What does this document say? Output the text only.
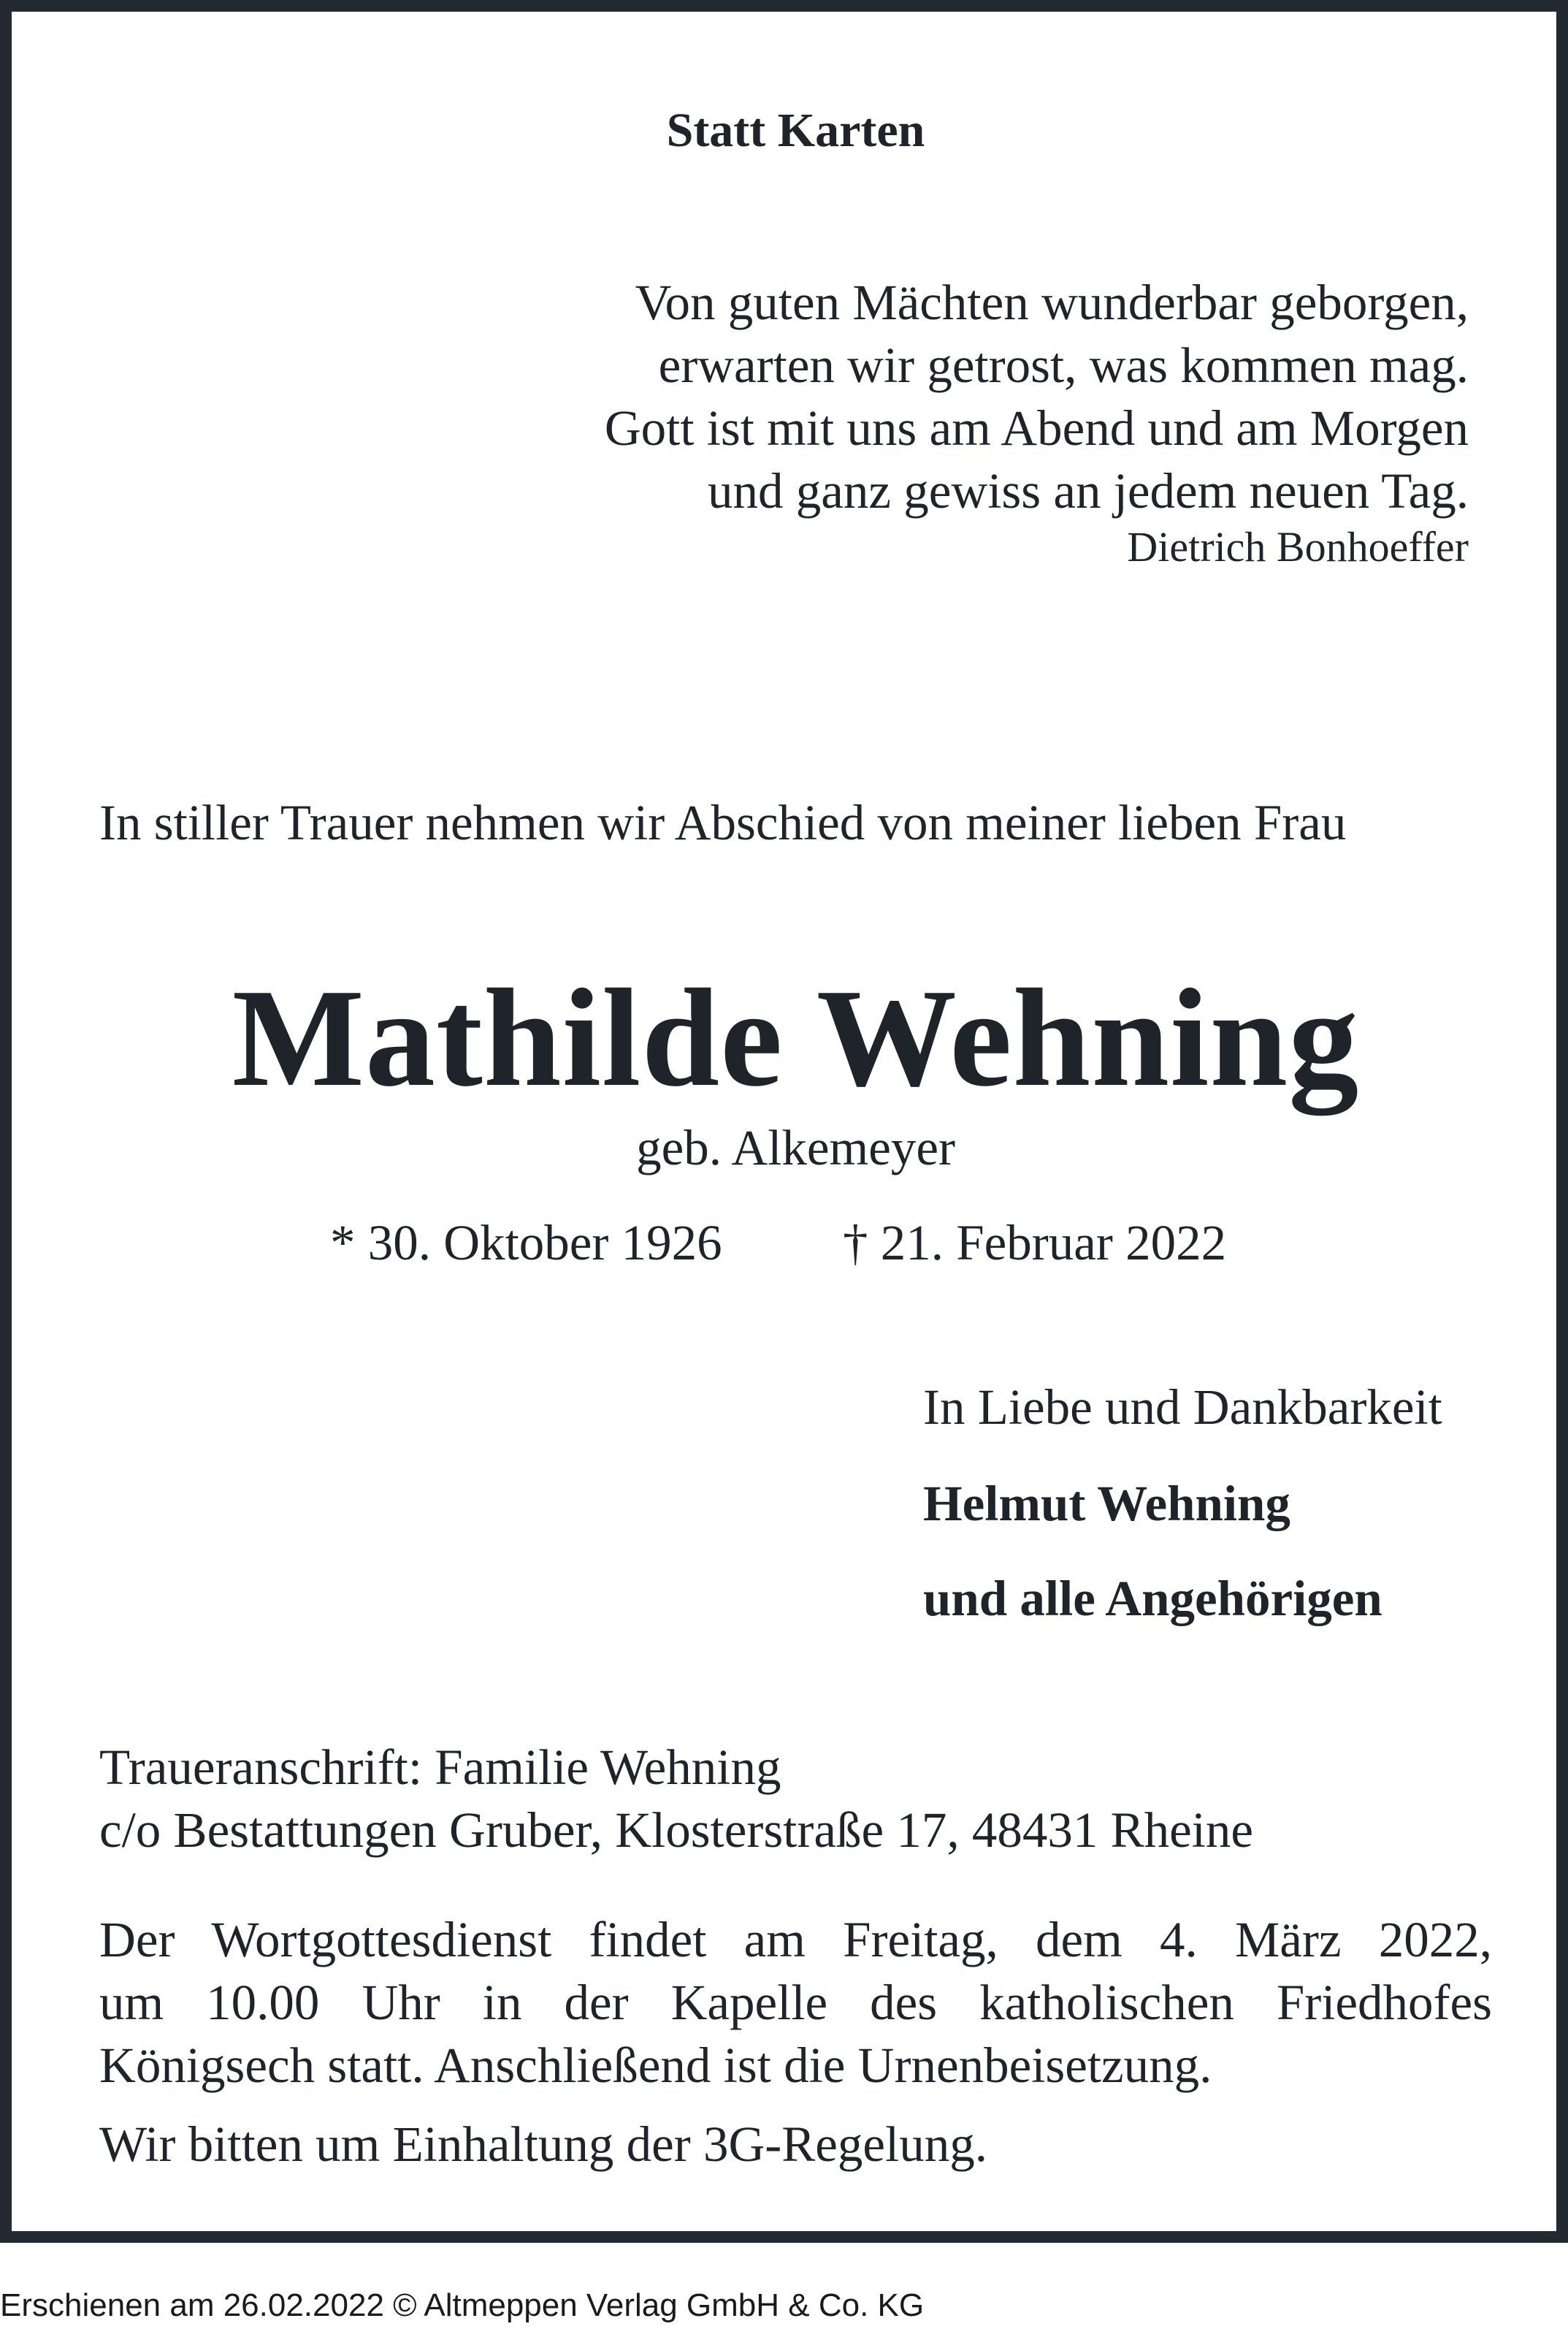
Statt Karten
Von guten Mächten wunderbar geborgen,
erwarten wir getrost, was kommen mag.
Gott ist mit uns am Abend und am Morgen
und ganz gewiss an jedem neuen Tag.
Dietrich Bonhoeffer
In stiller Trauer nehmen wir Abschied von meiner lieben Frau
Mathilde Wehning
geb. Alkemeyer
* 30. Oktober 1926 † 21. Februar 2022
In Liebe und Dankbarkeit
Helmut Wehning
und alle Angehörigen
Traueranschrift: Familie Wehning
c/o Bestattungen Gruber, Klosterstraße 17, 48431 Rheine
Der Wortgottesdienst findet am Freitag, dem 4. März 2022,
um 10.00 Uhr in der Kapelle des katholischen Friedhofes
Königsech statt. Anschließend ist die Urnenbeisetzung.
Wir bitten um Einhaltung der 3G-Regelung.
Erschienen am 26.02.2022 © Altmeppen Verlag GmbH & Co. KG
